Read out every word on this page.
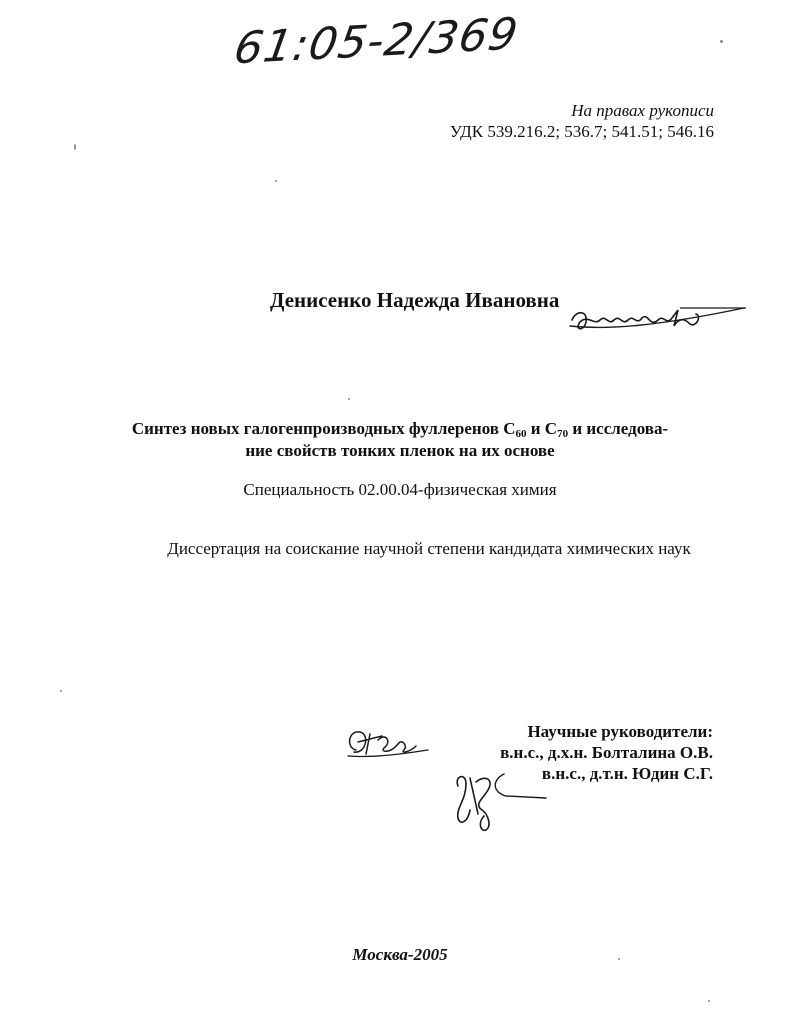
61:05-2/369
На правах рукописи
УДК 539.216.2; 536.7; 541.51; 546.16
Денисенко Надежда Ивановна
Синтез новых галогенпроизводных фуллеренов $С_{60}$ и $С_{70}$ и исследова-
ние свойств тонких пленок на их основе
Специальность 02.00.04-физическая химия
Диссертация на соискание научной степени кандидата химических наук
Научные руководители:
в.н.с., д.х.н. Болталина О.В.
в.н.с., д.т.н. Юдин С.Г.
Москва-2005
